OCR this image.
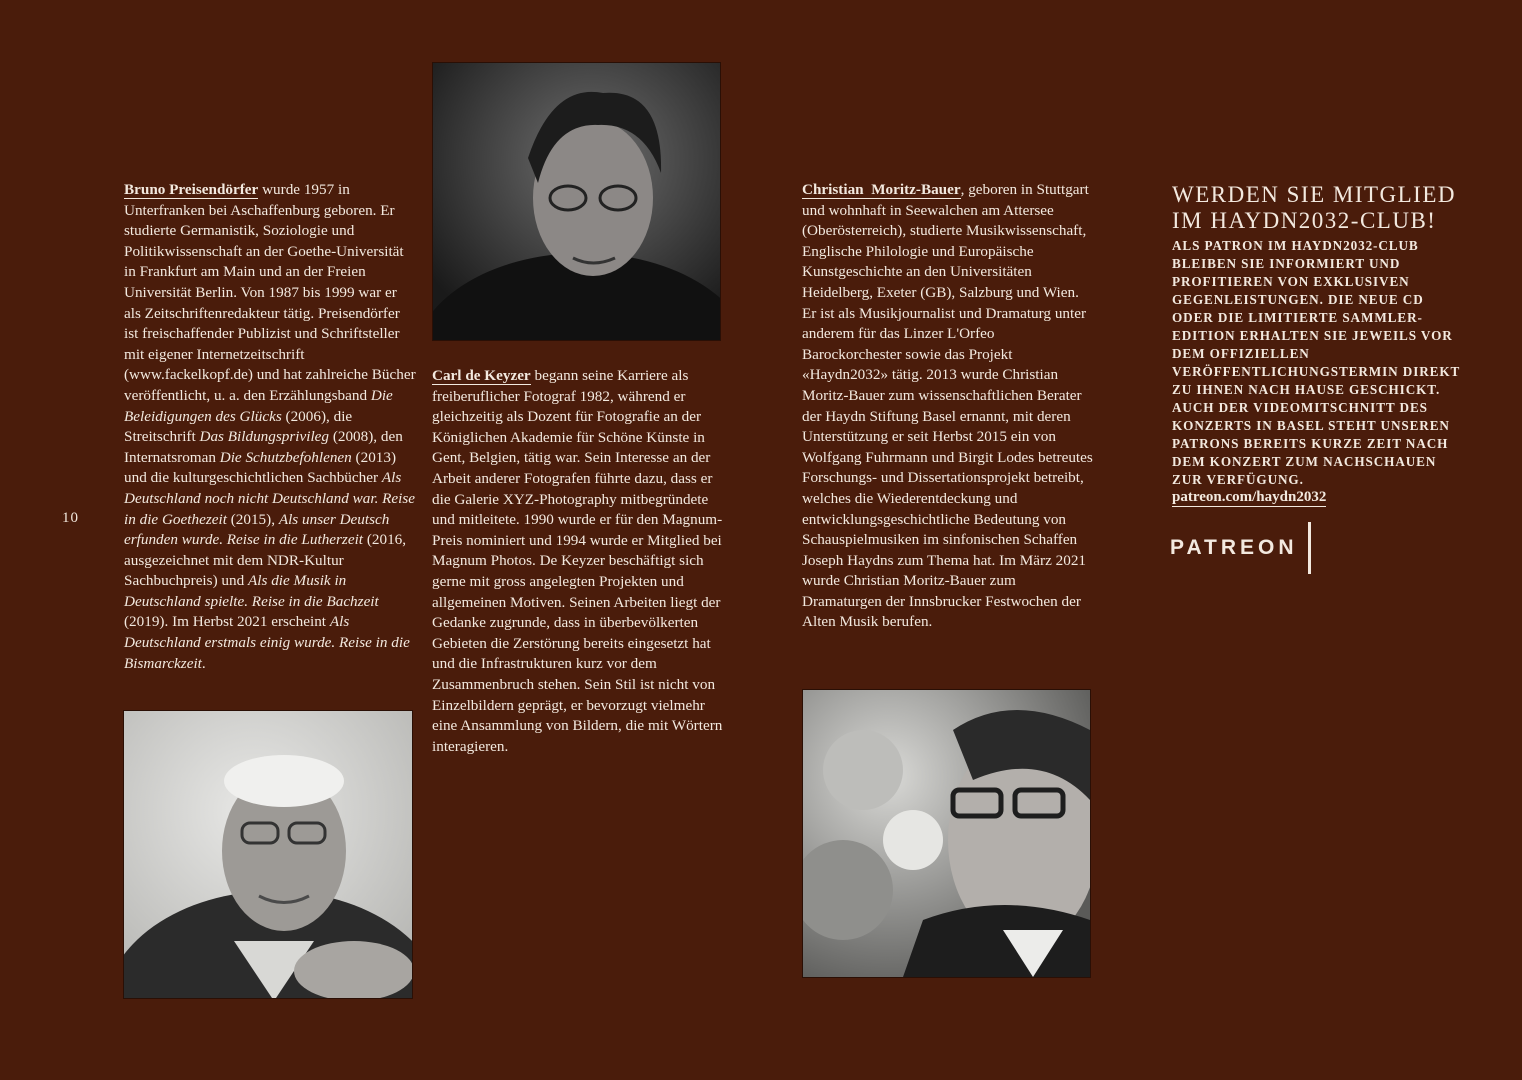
10

Bruno Preisendörfer wurde 1957 in Unterfranken bei Aschaffenburg geboren. Er studierte Germanistik, Soziologie und Politikwissenschaft an der Goethe-Universität in Frankfurt am Main und an der Freien Universität Berlin. Von 1987 bis 1999 war er als Zeitschriftenredakteur tätig. Preisendörfer ist freischaffender Publizist und Schriftsteller mit eigener Internetzeitschrift (www.fackelkopf.de) und hat zahlreiche Bücher veröffentlicht, u. a. den Erzählungsband Die Beleidigungen des Glücks (2006), die Streitschrift Das Bildungsprivileg (2008), den Internatsroman Die Schutzbefohlenen (2013) und die kulturgeschichtlichen Sachbücher Als Deutschland noch nicht Deutschland war. Reise in die Goethezeit (2015), Als unser Deutsch erfunden wurde. Reise in die Lutherzeit (2016, ausgezeichnet mit dem NDR-Kultur Sachbuchpreis) und Als die Musik in Deutschland spielte. Reise in die Bachzeit (2019). Im Herbst 2021 erscheint Als Deutschland erstmals einig wurde. Reise in die Bismarckzeit.

Carl de Keyzer begann seine Karriere als freiberuflicher Fotograf 1982, während er gleichzeitig als Dozent für Fotografie an der Königlichen Akademie für Schöne Künste in Gent, Belgien, tätig war. Sein Interesse an der Arbeit anderer Fotografen führte dazu, dass er die Galerie XYZ-Photography mitbegründete und mitleitete. 1990 wurde er für den Magnum-Preis nominiert und 1994 wurde er Mitglied bei Magnum Photos. De Keyzer beschäftigt sich gerne mit gross angelegten Projekten und allgemeinen Motiven. Seinen Arbeiten liegt der Gedanke zugrunde, dass in überbevölkerten Gebieten die Zerstörung bereits eingesetzt hat und die Infrastrukturen kurz vor dem Zusammenbruch stehen. Sein Stil ist nicht von Einzelbildern geprägt, er bevorzugt vielmehr eine Ansammlung von Bildern, die mit Wörtern interagieren.

Christian  Moritz-Bauer, geboren in Stuttgart und wohnhaft in Seewalchen am Attersee (Oberösterreich), studierte Musikwissenschaft, Englische Philologie und Europäische Kunstgeschichte an den Universitäten Heidelberg, Exeter (GB), Salzburg und Wien. Er ist als Musikjournalist und Dramaturg unter anderem für das Linzer L'Orfeo Barockorchester sowie das Projekt «Haydn2032» tätig. 2013 wurde Christian Moritz-Bauer zum wissenschaftlichen Berater der Haydn Stiftung Basel ernannt, mit deren Unterstützung er seit Herbst 2015 ein von Wolfgang Fuhrmann und Birgit Lodes betreutes Forschungs- und Dissertationsprojekt betreibt, welches die Wiederentdeckung und entwicklungsgeschichtliche Bedeutung von Schauspielmusiken im sinfonischen Schaffen Joseph Haydns zum Thema hat. Im März 2021 wurde Christian Moritz-Bauer zum Dramaturgen der Innsbrucker Festwochen der Alten Musik berufen.

WERDEN SIE MITGLIED IM HAYDN2032-CLUB!

ALS PATRON IM HAYDN2032-CLUB BLEIBEN SIE INFORMIERT UND PROFITIEREN VON EXKLUSIVEN GEGENLEISTUNGEN. DIE NEUE CD ODER DIE LIMITIERTE SAMMLER-EDITION ERHALTEN SIE JEWEILS VOR DEM OFFIZIELLEN VERÖFFENTLICHUNGSTERMIN DIREKT ZU IHNEN NACH HAUSE GESCHICKT. AUCH DER VIDEOMITSCHNITT DES KONZERTS IN BASEL STEHT UNSEREN PATRONS BEREITS KURZE ZEIT NACH DEM KONZERT ZUM NACHSCHAUEN ZUR VERFÜGUNG.

patreon.com/haydn2032
PATREON
